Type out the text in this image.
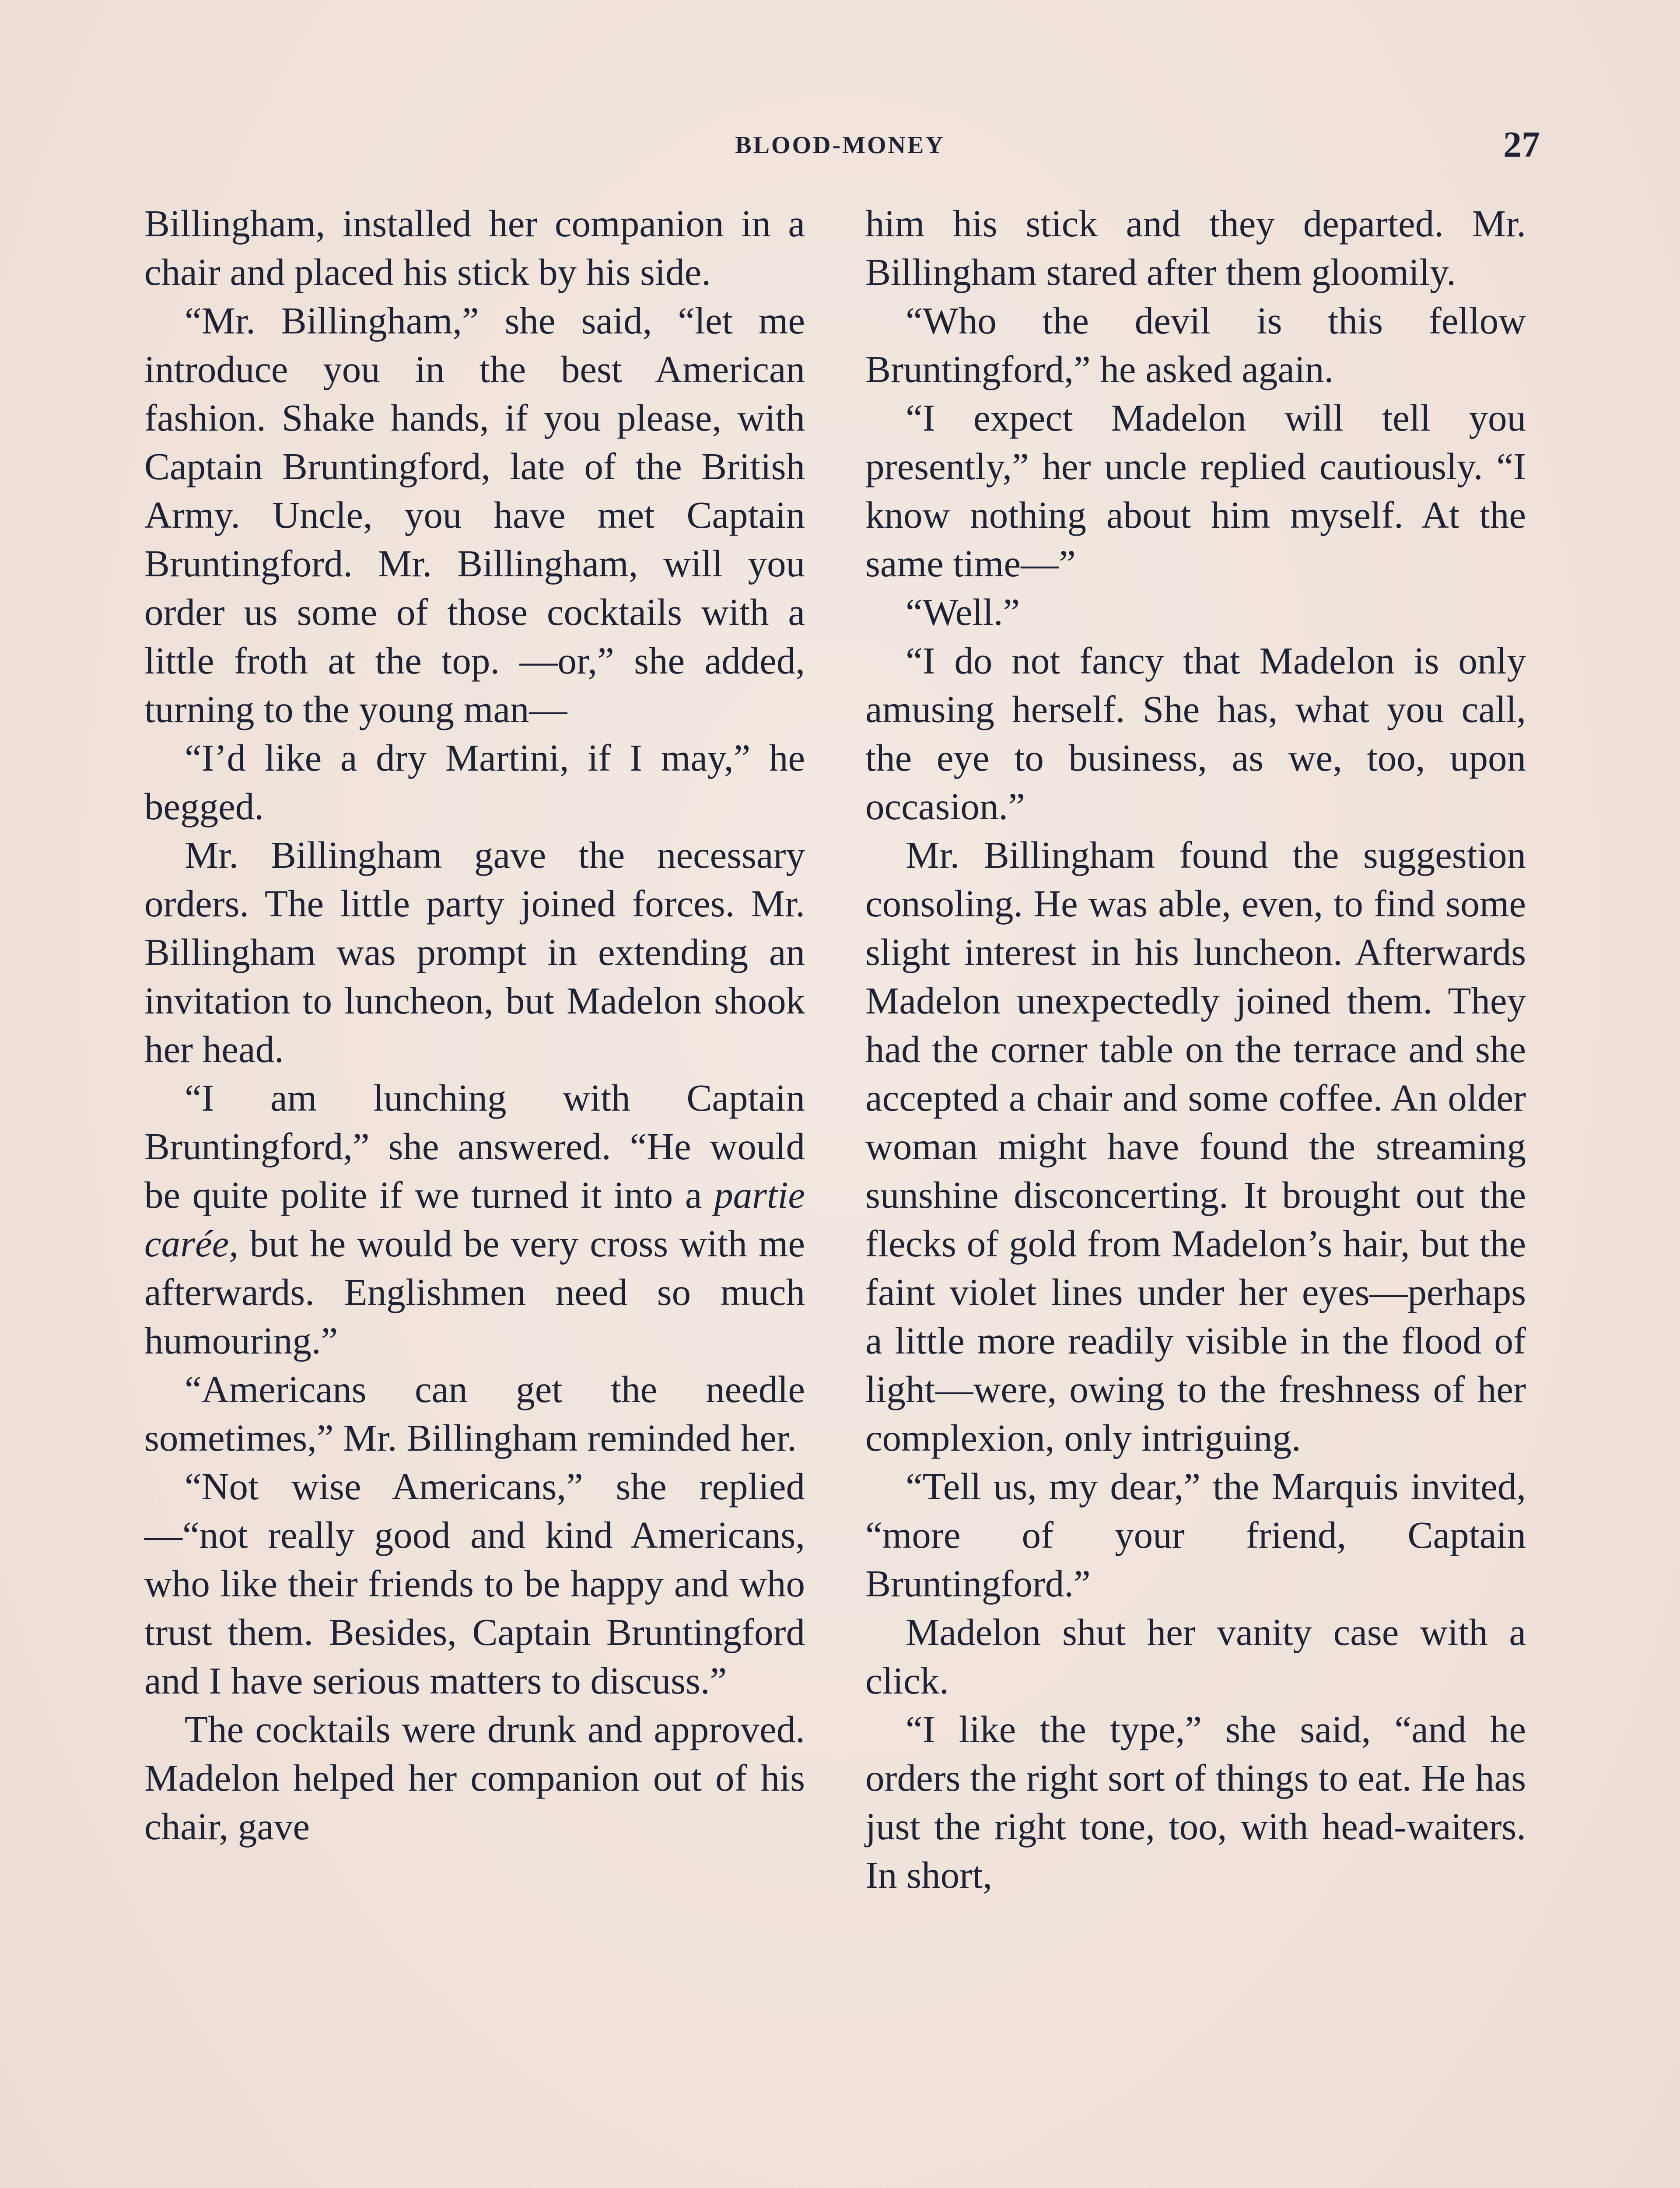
BLOOD-MONEY	27

Billingham, installed her companion in a chair and placed his stick by his side.

“Mr. Billingham,” she said, “let me introduce you in the best American fashion. Shake hands, if you please, with Captain Bruntingford, late of the British Army. Uncle, you have met Captain Bruntingford. Mr. Billingham, will you order us some of those cocktails with a little froth at the top. —or,” she added, turning to the young man—

“I’d like a dry Martini, if I may,” he begged.

Mr. Billingham gave the necessary orders. The little party joined forces. Mr. Billingham was prompt in extending an invitation to luncheon, but Madelon shook her head.

“I am lunching with Captain Bruntingford,” she answered. “He would be quite polite if we turned it into a partie carée, but he would be very cross with me afterwards. Englishmen need so much humouring.”

“Americans can get the needle sometimes,” Mr. Billingham reminded her.

“Not wise Americans,” she replied—“not really good and kind Americans, who like their friends to be happy and who trust them. Besides, Captain Bruntingford and I have serious matters to discuss.”

The cocktails were drunk and approved. Madelon helped her companion out of his chair, gave

him his stick and they departed. Mr. Billingham stared after them gloomily.

“Who the devil is this fellow Bruntingford,” he asked again.

“I expect Madelon will tell you presently,” her uncle replied cautiously. “I know nothing about him myself. At the same time—”

“Well.”

“I do not fancy that Madelon is only amusing herself. She has, what you call, the eye to business, as we, too, upon occasion.”

Mr. Billingham found the suggestion consoling. He was able, even, to find some slight interest in his luncheon. Afterwards Madelon unexpectedly joined them. They had the corner table on the terrace and she accepted a chair and some coffee. An older woman might have found the streaming sunshine disconcerting. It brought out the flecks of gold from Madelon’s hair, but the faint violet lines under her eyes—perhaps a little more readily visible in the flood of light—were, owing to the freshness of her complexion, only intriguing.

“Tell us, my dear,” the Marquis invited, “more of your friend, Captain Bruntingford.”

Madelon shut her vanity case with a click.

“I like the type,” she said, “and he orders the right sort of things to eat. He has just the right tone, too, with head-waiters. In short,
